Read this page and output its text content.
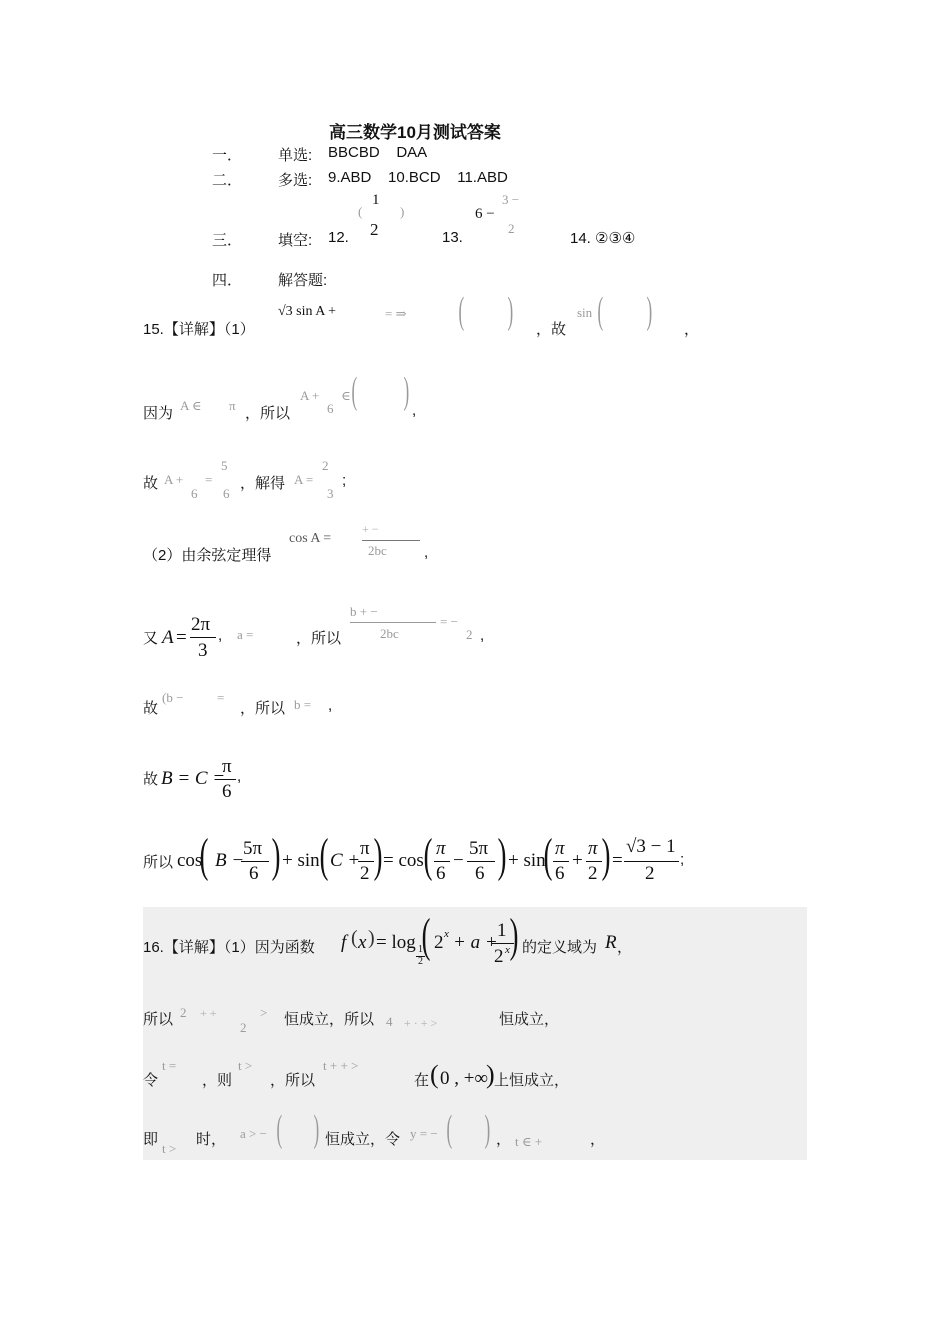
高三数学10月测试答案
一． 单选: BBCBD    DAA
二． 多选: 9.ABD    10.BCD    11.ABD
三． 填空: 12.
(
1
2
)
13.
6 −
3 −
2
14. ②③④
四． 解答题:
15.【详解】（1）
√3 sin A +	= ⇒ ( ) ，故
sin ( ) ，
因为 A ∈ π ，所以
A + ∈
6 ( ) ,
故 A +
6
=
5
6
，解得 A =
2
3
;
（2）由余弦定理得
cos A =
+ −
2bc ,
又 A =
2π
3
, a =	，所以
b + −
2bc
= −
2 ,
故
(b −	=
，所以 b = ,
故 B = C =
π
6
,
所以 cos
( B −
5π
6 ) + sin ( C +
π
2 ) = cos ( π
6
−
5π
6 ) + sin
( π
6
+
π
2 ) =
√3 − 1
2
;
16.【详解】（1）因为函数 f ( x ) = log 1
2
( 2 x + a +
1
2 x ) 的定义域为 R ，
所以 2 + +	>
2	恒成立，所以 4 + · + >	恒成立，
令
t =
，则
t >
，所以
t + + >
在 ( 0 , +∞
) 上恒成立，
即
t >
时， a > − ( ) 恒成立，令 y = − ( ) ， t ∈ +	，
